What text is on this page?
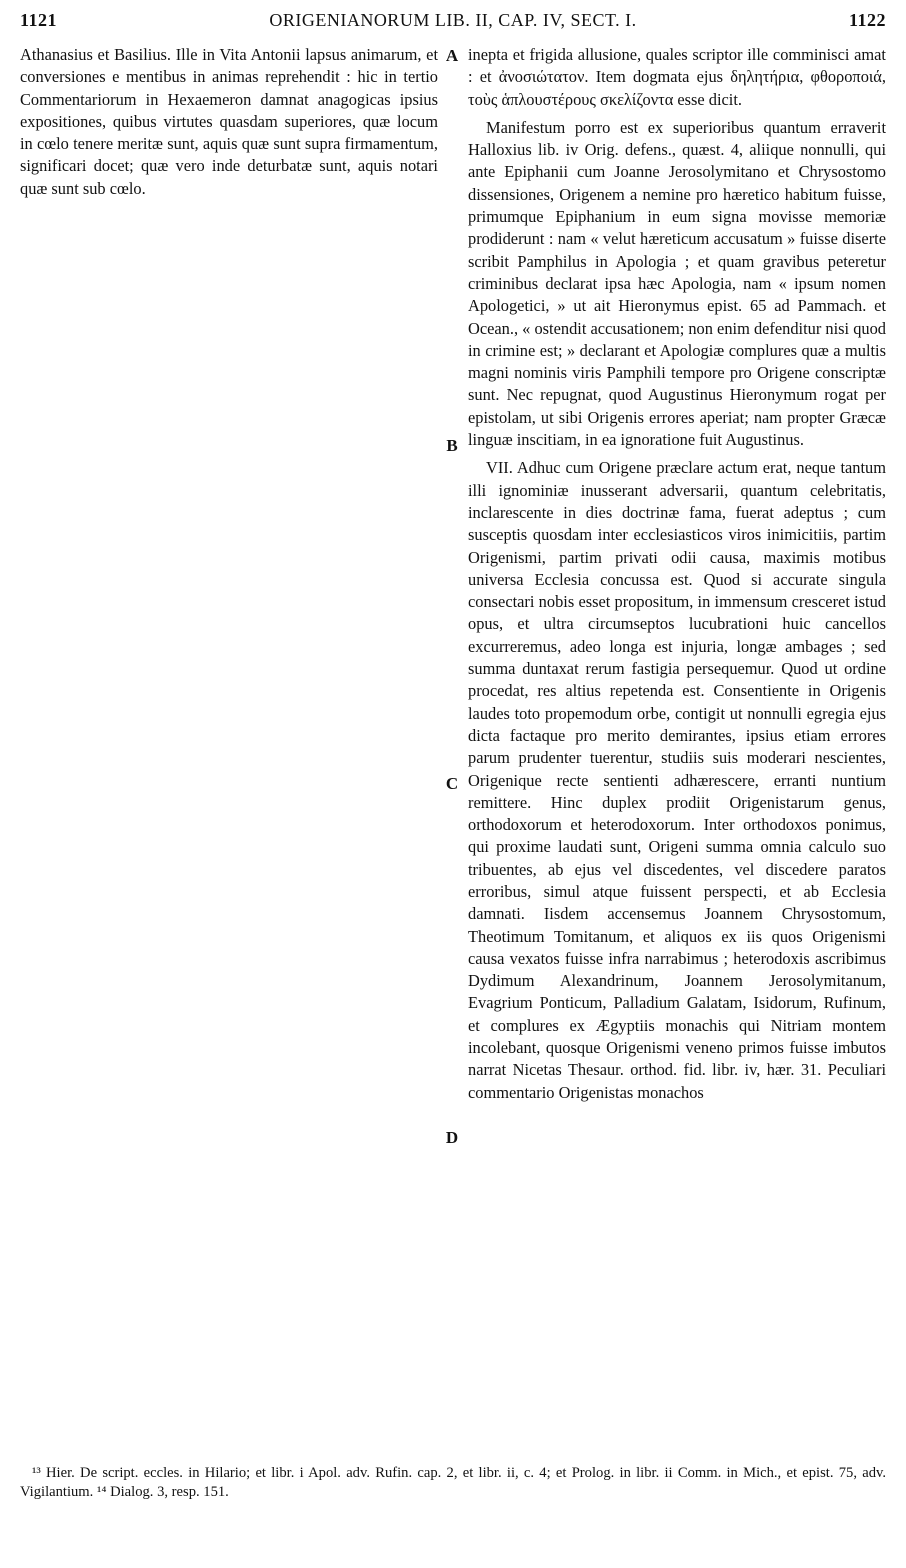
1121	ORIGENIANORUM LIB. II, CAP. IV, SECT. I.	1122

Athanasius et Basilius. Ille in Vita Antonii lapsus animarum, et conversiones e mentibus in animas reprehendit : hic in tertio Commentariorum in Hexaemeron damnat anagogicas ipsius expositiones, quibus virtutes quasdam superiores, quæ locum in cœlo tenere meritæ sunt, aquis quæ sunt supra firmamentum, significari docet; quæ vero inde deturbatæ sunt, aquis notari quæ sunt sub cœlo.

A
B
C
D

inepta et frigida allusione, quales scriptor ille comminisci amat : et ἀνοσιώτατον. Item dogmata ejus δηλητήρια, φθοροποιά, τοὺς ἁπλουστέρους σκελίζοντα esse dicit.

Manifestum porro est ex superioribus quantum erraverit Halloxius lib. iv Orig. defens., quæst. 4, aliique nonnulli, qui ante Epiphanii cum Joanne Jerosolymitano et Chrysostomo dissensiones, Origenem a nemine pro hæretico habitum fuisse, primumque Epiphanium in eum signa movisse memoriæ prodiderunt : nam « velut hæreticum accusatum » fuisse diserte scribit Pamphilus in Apologia ; et quam gravibus peteretur criminibus declarat ipsa hæc Apologia, nam « ipsum nomen Apologetici, » ut ait Hieronymus epist. 65 ad Pammach. et Ocean., « ostendit accusationem; non enim defenditur nisi quod in crimine est; » declarant et Apologiæ complures quæ a multis magni nominis viris Pamphili tempore pro Origene conscriptæ sunt. Nec repugnat, quod Augustinus Hieronymum rogat per epistolam, ut sibi Origenis errores aperiat; nam propter Græcæ linguæ inscitiam, in ea ignoratione fuit Augustinus.

VII. Adhuc cum Origene præclare actum erat, neque tantum illi ignominiæ inusserant adversarii, quantum celebritatis, inclarescente in dies doctrinæ fama, fuerat adeptus ; cum susceptis quosdam inter ecclesiasticos viros inimicitiis, partim Origenismi, partim privati odii causa, maximis motibus universa Ecclesia concussa est. Quod si accurate singula consectari nobis esset propositum, in immensum cresceret istud opus, et ultra circumseptos lucubrationi huic cancellos excurreremus, adeo longa est injuria, longæ ambages ; sed summa duntaxat rerum fastigia persequemur. Quod ut ordine procedat, res altius repetenda est. Consentiente in Origenis laudes toto propemodum orbe, contigit ut nonnulli egregia ejus dicta factaque pro merito demirantes, ipsius etiam errores parum prudenter tuerentur, studiis suis moderari nescientes, Origenique recte sentienti adhærescere, erranti nuntium remittere. Hinc duplex prodiit Origenistarum genus, orthodoxorum et heterodoxorum. Inter orthodoxos ponimus, qui proxime laudati sunt, Origeni summa omnia calculo suo tribuentes, ab ejus vel discedentes, vel discedere paratos erroribus, simul atque fuissent perspecti, et ab Ecclesia damnati. Iisdem accensemus Joannem Chrysostomum, Theotimum Tomitanum, et aliquos ex iis quos Origenismi causa vexatos fuisse infra narrabimus ; heterodoxis ascribimus Dydimum Alexandrinum, Joannem Jerosolymitanum, Evagrium Ponticum, Palladium Galatam, Isidorum, Rufinum, et complures ex Ægyptiis monachis qui Nitriam montem incolebant, quosque Origenismi veneno primos fuisse imbutos narrat Nicetas Thesaur. orthod. fid. libr. iv, hær. 31. Peculiari commentario Origenistas monachos

¹³ Hier. De script. eccles. in Hilario; et libr. i Apol. adv. Rufin. cap. 2, et libr. ii, c. 4; et Prolog. in libr. ii Comm. in Mich., et epist. 75, adv. Vigilantium. ¹⁴ Dialog. 3, resp. 151.
